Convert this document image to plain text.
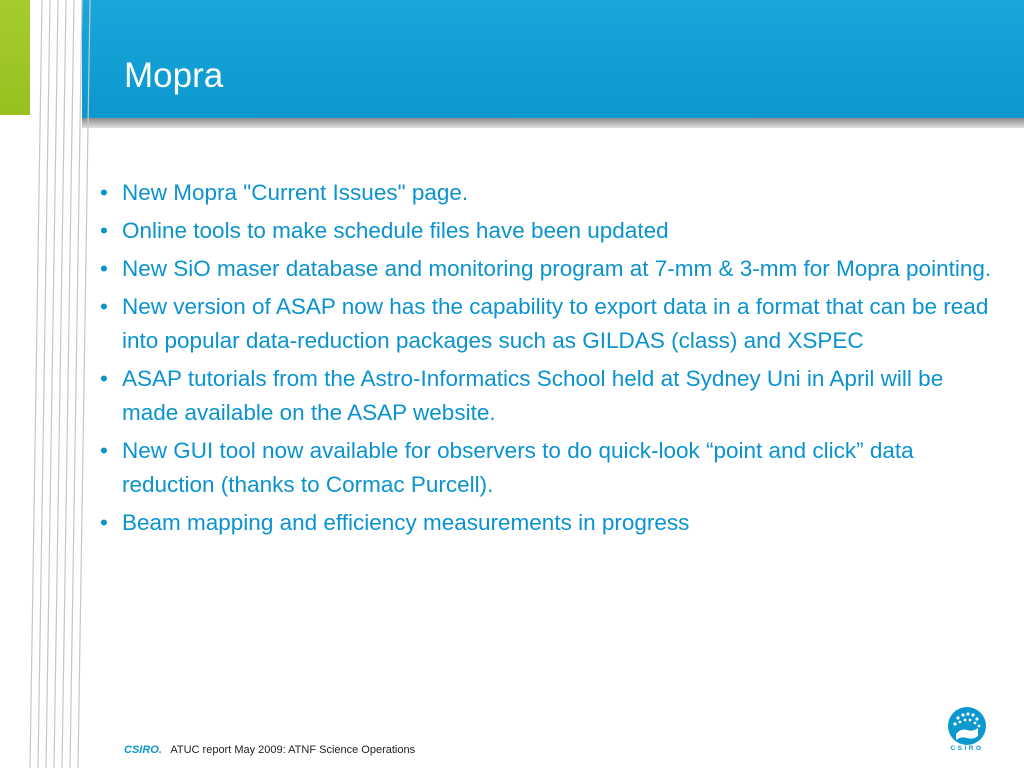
Mopra
• New Mopra "Current Issues" page.
• Online tools to make schedule files have been updated
• New SiO maser database and monitoring program at 7-mm & 3-mm for Mopra pointing.
• New version of ASAP now has the capability to export data in a format that can be read into popular data-reduction packages such as GILDAS (class) and XSPEC
• ASAP tutorials from the Astro-Informatics School held at Sydney Uni in April will be made available on the ASAP website.
• New GUI tool now available for observers to do quick-look “point and click” data reduction (thanks to Cormac Purcell).
• Beam mapping and efficiency measurements in progress
CSIRO. ATUC report May 2009: ATNF Science Operations	CSIRO
